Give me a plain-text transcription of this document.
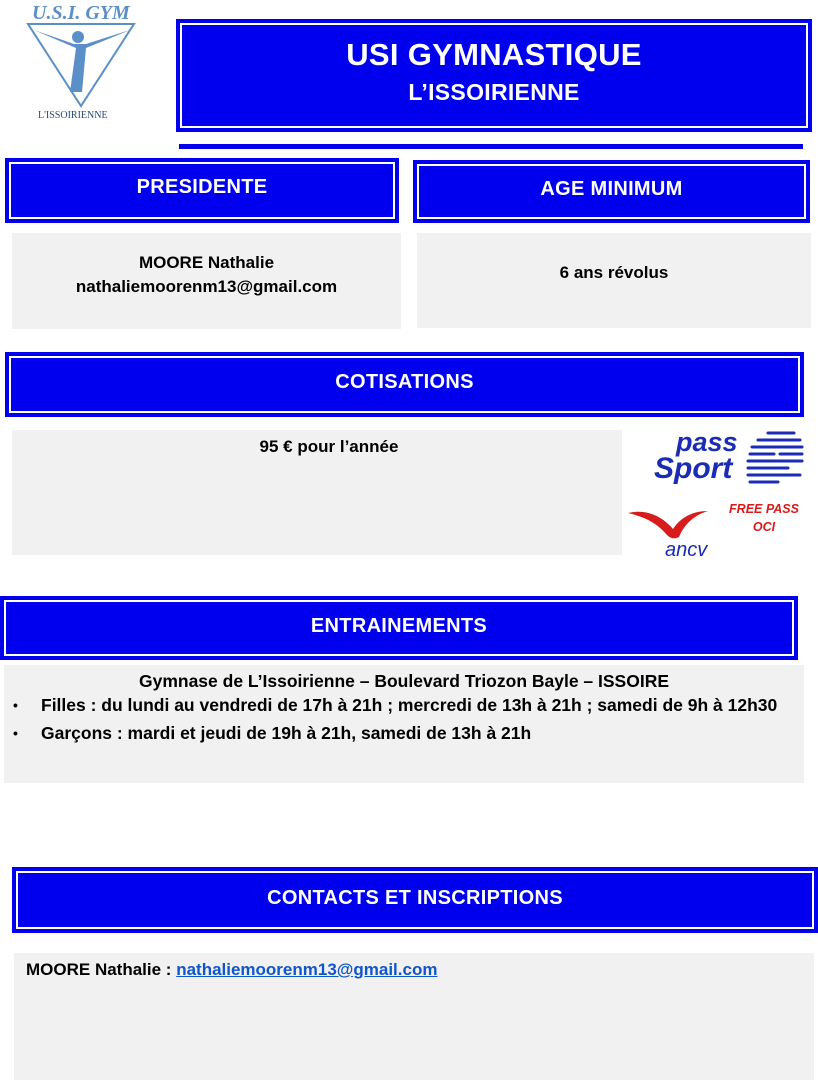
U.S.I. GYM
L'ISSOIRIENNE
USI GYMNASTIQUE
L’ISSOIRIENNE
PRESIDENTE
MOORE Nathalie
nathaliemoorenm13@gmail.com
AGE MINIMUM
6 ans révolus
COTISATIONS
95 € pour l’année	pass
Sport
ancv
FREE PASS
OCI
ENTRAINEMENTS
Gymnase de L’Issoirienne – Boulevard Triozon Bayle – ISSOIRE
• Filles : du lundi au vendredi de 17h à 21h ; mercredi de 13h à 21h ; samedi de 9h à 12h30
• Garçons : mardi et jeudi de 19h à 21h, samedi de 13h à 21h
CONTACTS ET INSCRIPTIONS
MOORE Nathalie : nathaliemoorenm13@gmail.com
